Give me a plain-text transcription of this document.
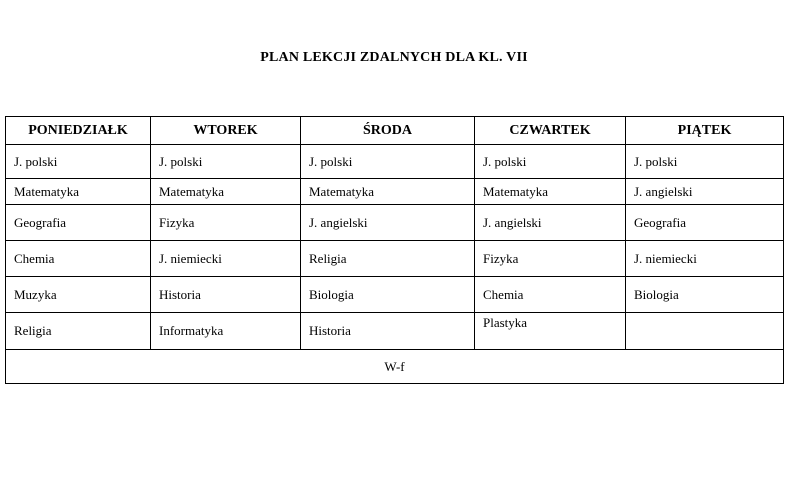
PLAN LEKCJI ZDALNYCH DLA KL. VII
PONIEDZIAŁK	WTOREK	ŚRODA	CZWARTEK	PIĄTEK
J. polski	J. polski	J. polski	J. polski	J. polski
Matematyka	Matematyka	Matematyka	Matematyka	J. angielski
Geografia	Fizyka	J. angielski	J. angielski	Geografia
Chemia	J. niemiecki	Religia	Fizyka	J. niemiecki
Muzyka	Historia	Biologia	Chemia	Biologia
Religia	Informatyka	Historia	Plastyka	
W-f				
